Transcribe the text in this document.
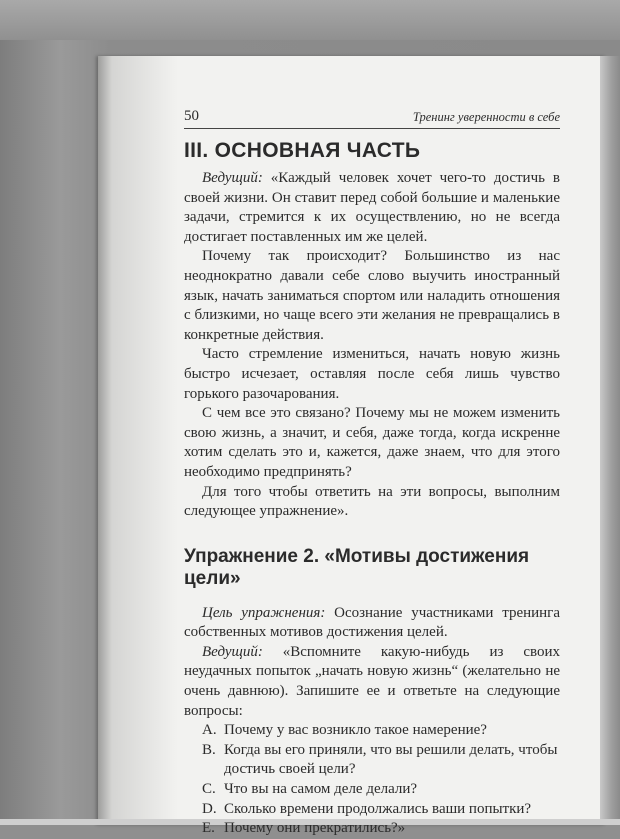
50	Тренинг уверенности в себе
III. ОСНОВНАЯ ЧАСТЬ

Ведущий: «Каждый человек хочет чего-то достичь в своей жизни. Он ставит перед собой большие и маленькие задачи, стремится к их осуществлению, но не всегда достигает поставленных им же целей.

Почему так происходит? Большинство из нас неоднократно давали себе слово выучить иностранный язык, начать заниматься спортом или наладить отношения с близкими, но чаще всего эти желания не превращались в конкретные действия.

Часто стремление измениться, начать новую жизнь быстро исчезает, оставляя после себя лишь чувство горького разочарования.

С чем все это связано? Почему мы не можем изменить свою жизнь, а значит, и себя, даже тогда, когда искренне хотим сделать это и, кажется, даже знаем, что для этого необходимо предпринять?

Для того чтобы ответить на эти вопросы, выполним следующее упражнение».

Упражнение 2. «Мотивы достижения цели»

Цель упражнения: Осознание участниками тренинга собственных мотивов достижения целей.

Ведущий: «Вспомните какую-нибудь из своих неудачных попыток „начать новую жизнь“ (желательно не очень давнюю). Запишите ее и ответьте на следующие вопросы:

A. Почему у вас возникло такое намерение?
B. Когда вы его приняли, что вы решили делать, чтобы достичь своей цели?
C. Что вы на самом деле делали?
D. Сколько времени продолжались ваши попытки?
E. Почему они прекратились?»
